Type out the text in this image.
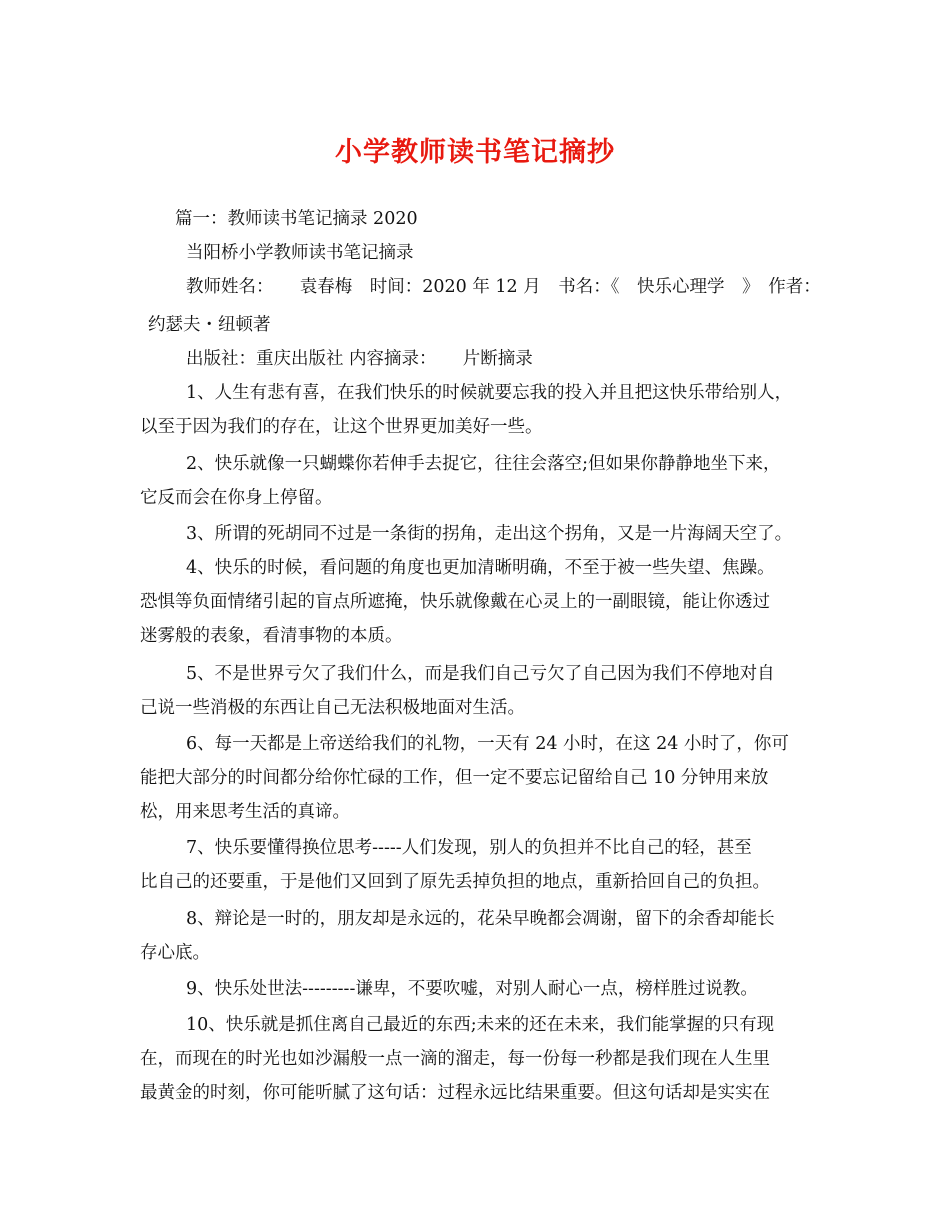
小学教师读书笔记摘抄
篇一：教师读书笔记摘录 2020
当阳桥小学教师读书笔记摘录
教师姓名：　　袁春梅　时间：2020 年 12 月　书名：《　快乐心理学　》　作者：
约瑟夫・纽顿著
出版社：重庆出版社 内容摘录：　　片断摘录
1、人生有悲有喜，在我们快乐的时候就要忘我的投入并且把这快乐带给别人，
以至于因为我们的存在，让这个世界更加美好一些。
2、快乐就像一只蝴蝶你若伸手去捉它，往往会落空;但如果你静静地坐下来，
它反而会在你身上停留。
3、所谓的死胡同不过是一条街的拐角，走出这个拐角，又是一片海阔天空了。
4、快乐的时候，看问题的角度也更加清晰明确，不至于被一些失望、焦躁。
恐惧等负面情绪引起的盲点所遮掩，快乐就像戴在心灵上的一副眼镜，能让你透过
迷雾般的表象，看清事物的本质。
5、不是世界亏欠了我们什么，而是我们自己亏欠了自己因为我们不停地对自
己说一些消极的东西让自己无法积极地面对生活。
6、每一天都是上帝送给我们的礼物，一天有 24 小时，在这 24 小时了，你可
能把大部分的时间都分给你忙碌的工作，但一定不要忘记留给自己 10 分钟用来放
松，用来思考生活的真谛。
7、快乐要懂得换位思考-----人们发现，别人的负担并不比自己的轻，甚至
比自己的还要重，于是他们又回到了原先丢掉负担的地点，重新拾回自己的负担。
8、辩论是一时的，朋友却是永远的，花朵早晚都会凋谢，留下的余香却能长
存心底。
9、快乐处世法---------谦卑，不要吹嘘，对别人耐心一点，榜样胜过说教。
10、快乐就是抓住离自己最近的东西;未来的还在未来，我们能掌握的只有现
在，而现在的时光也如沙漏般一点一滴的溜走，每一份每一秒都是我们现在人生里
最黄金的时刻，你可能听腻了这句话：过程永远比结果重要。但这句话却是实实在
